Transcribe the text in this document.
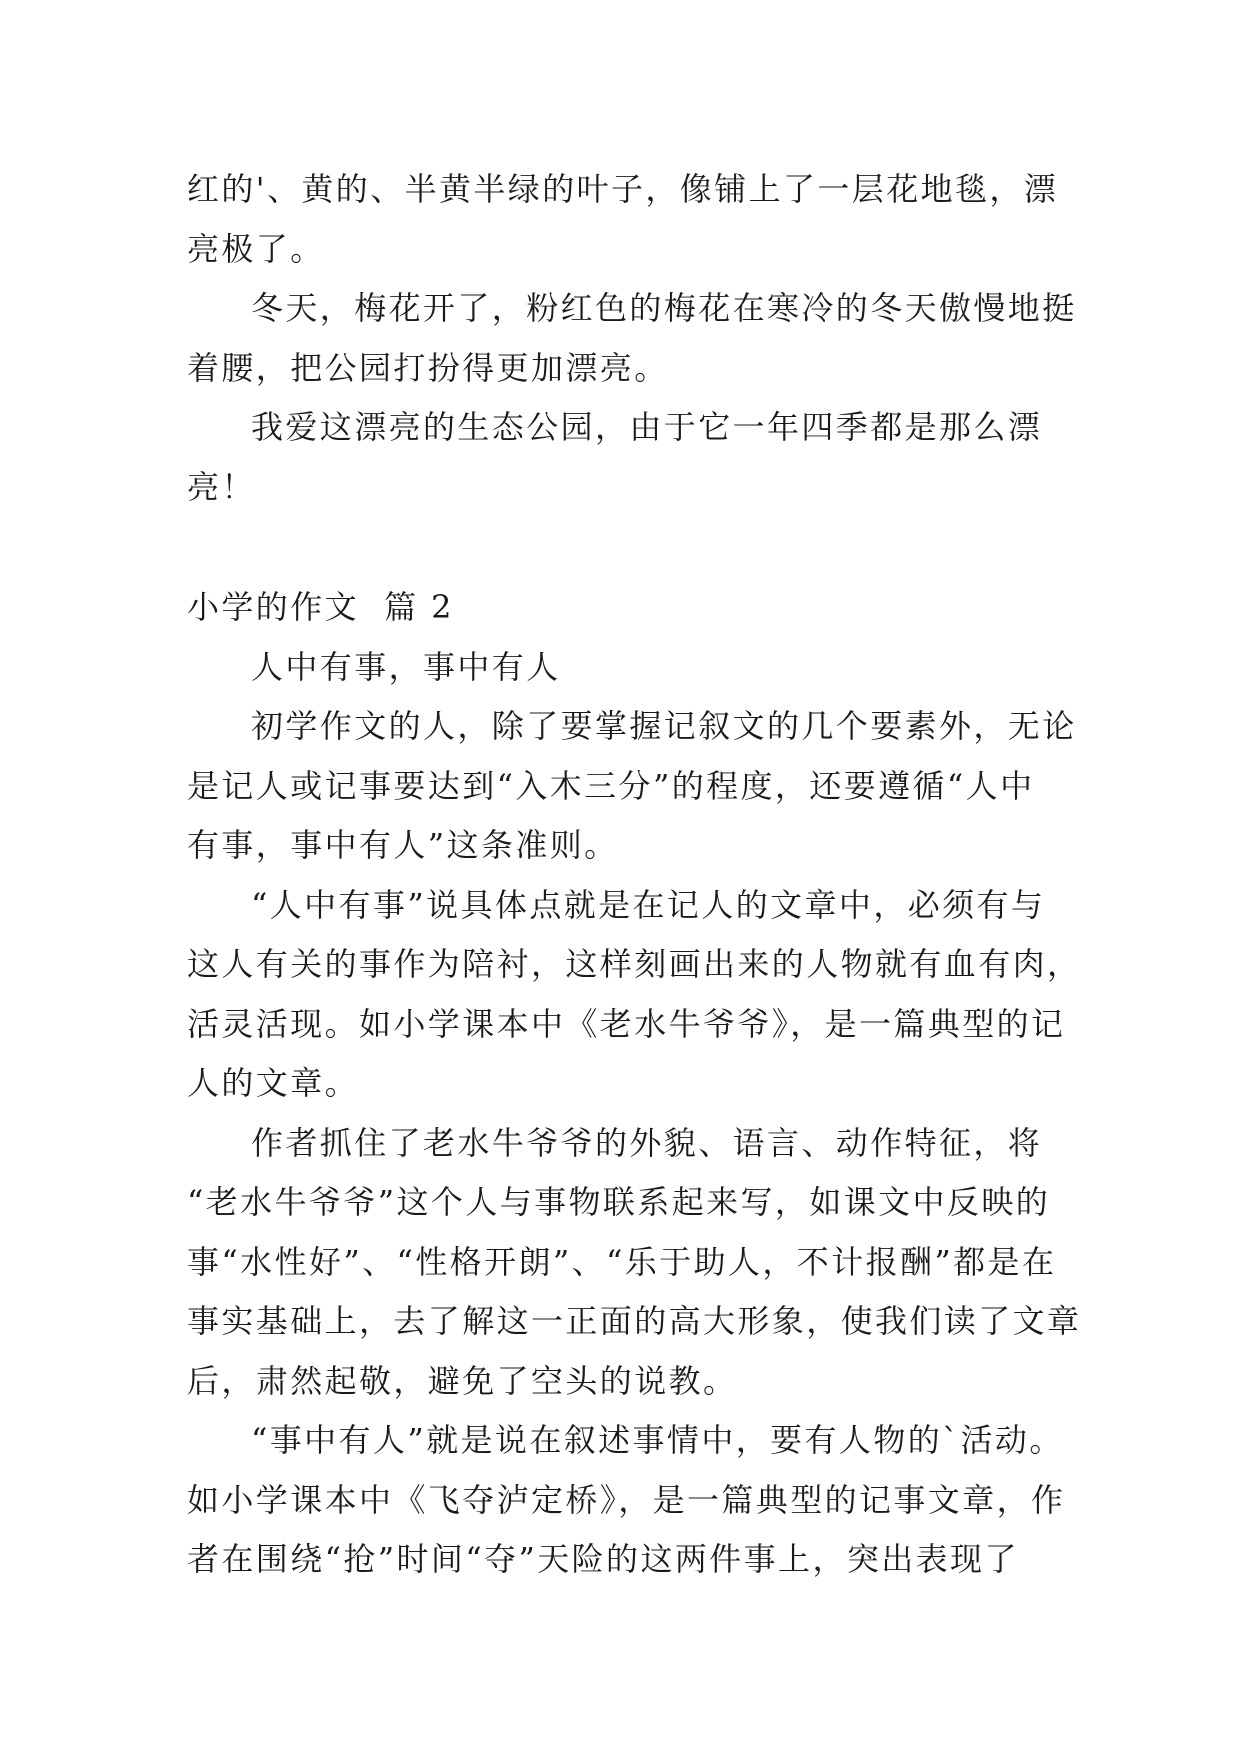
红的'、黄的、半黄半绿的叶子，像铺上了一层花地毯，漂
亮极了。
冬天，梅花开了，粉红色的梅花在寒冷的冬天傲慢地挺
着腰，把公园打扮得更加漂亮。
我爱这漂亮的生态公园，由于它一年四季都是那么漂
亮！
小学的作文  篇 2
人中有事，事中有人
初学作文的人，除了要掌握记叙文的几个要素外，无论
是记人或记事要达到“入木三分”的程度，还要遵循“人中
有事，事中有人”这条准则。
“人中有事”说具体点就是在记人的文章中，必须有与
这人有关的事作为陪衬，这样刻画出来的人物就有血有肉，
活灵活现。如小学课本中《老水牛爷爷》，是一篇典型的记
人的文章。
作者抓住了老水牛爷爷的外貌、语言、动作特征，将
“老水牛爷爷”这个人与事物联系起来写，如课文中反映的
事“水性好”、“性格开朗”、“乐于助人，不计报酬”都是在
事实基础上，去了解这一正面的高大形象，使我们读了文章
后，肃然起敬，避免了空头的说教。
“事中有人”就是说在叙述事情中，要有人物的`活动。
如小学课本中《飞夺泸定桥》，是一篇典型的记事文章，作
者在围绕“抢”时间“夺”天险的这两件事上，突出表现了
